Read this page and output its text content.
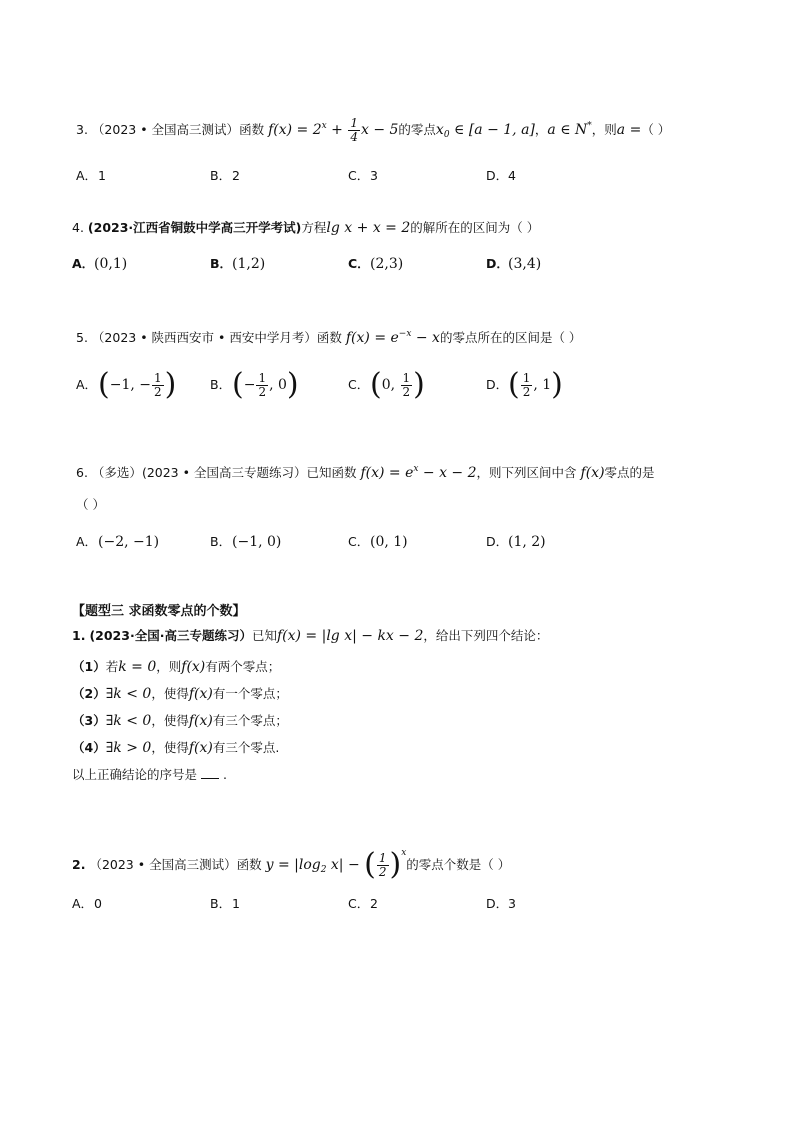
3. （2023 • 全国高三测试）函数 $f(x) = 2^x + \frac{1}{4}$ x − 5的零点$x_0$ ∈ [a − 1, a]，a ∈ N*，则a =（ ）
A．1	B．2	C．3	D．4
4. (2023·江西省铜鼓中学高三开学考试)方程lg x + x = 2的解所在的区间为（ ）
A．(0,1)	B．(1,2)	C．(2,3)	D．(3,4)
5. （2023 • 陕西西安市 • 西安中学月考）函数 $f(x) = e^{-x} - x$的零点所在的区间是（ ）
A．(−1, − $\frac{1}{2}$ )	B．(− $\frac{1}{2}$ , 0)	C．(0, $\frac{1}{2}$ )	D．( $\frac{1}{2}$ , 1)
6. （多选）(2023 • 全国高三专题练习）已知函数 $f(x) = e^x - x - 2$，则下列区间中含 f(x)零点的是
（ ）
A．(−2, −1)	B．(−1, 0)	C．(0, 1)	D．(1, 2)
【题型三 求函数零点的个数】
1. (2023·全国·高三专题练习）已知f(x) = |lg x| − kx − 2，给出下列四个结论：
（1）若k = 0，则f(x)有两个零点；
（2）∃k < 0，使得f(x)有一个零点；
（3）∃k < 0，使得f(x)有三个零点；
（4）∃k > 0，使得f(x)有三个零点.
以上正确结论的序号是 .
2. （2023 • 全国高三测试）函数 $y = |\log_2$ x| − ( $\frac{1}{2} )^x$的零点个数是（ ）
A．0	B．1	C．2	D．3
